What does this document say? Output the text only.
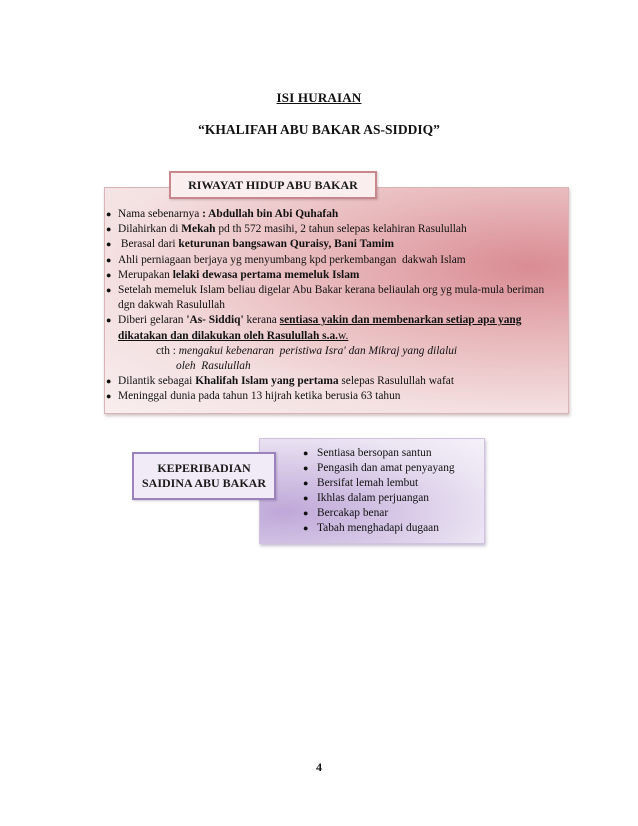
ISI HURAIAN
“KHALIFAH ABU BAKAR AS-SIDDIQ”
RIWAYAT HIDUP ABU BAKAR
● Nama sebenarnya : Abdullah bin Abi Quhafah
● Dilahirkan di Mekah pd th 572 masihi, 2 tahun selepas kelahiran Rasulullah
● Berasal dari keturunan bangsawan Quraisy, Bani Tamim
● Ahli perniagaan berjaya yg menyumbang kpd perkembangan  dakwah Islam
● Merupakan lelaki dewasa pertama memeluk Islam
● Setelah memeluk Islam beliau digelar Abu Bakar kerana beliaulah org yg mula-mula beriman dgn dakwah Rasulullah
● Diberi gelaran 'As- Siddiq' kerana sentiasa yakin dan membenarkan setiap apa yang dikatakan dan dilakukan oleh Rasulullah s.a.w.
cth : mengakui kebenaran  peristiwa Isra' dan Mikraj yang dilalui
oleh  Rasulullah
● Dilantik sebagai Khalifah Islam yang pertama selepas Rasulullah wafat
● Meninggal dunia pada tahun 13 hijrah ketika berusia 63 tahun
KEPERIBADIAN
SAIDINA ABU BAKAR
● Sentiasa bersopan santun
● Pengasih dan amat penyayang
● Bersifat lemah lembut
● Ikhlas dalam perjuangan
● Bercakap benar
● Tabah menghadapi dugaan
4
